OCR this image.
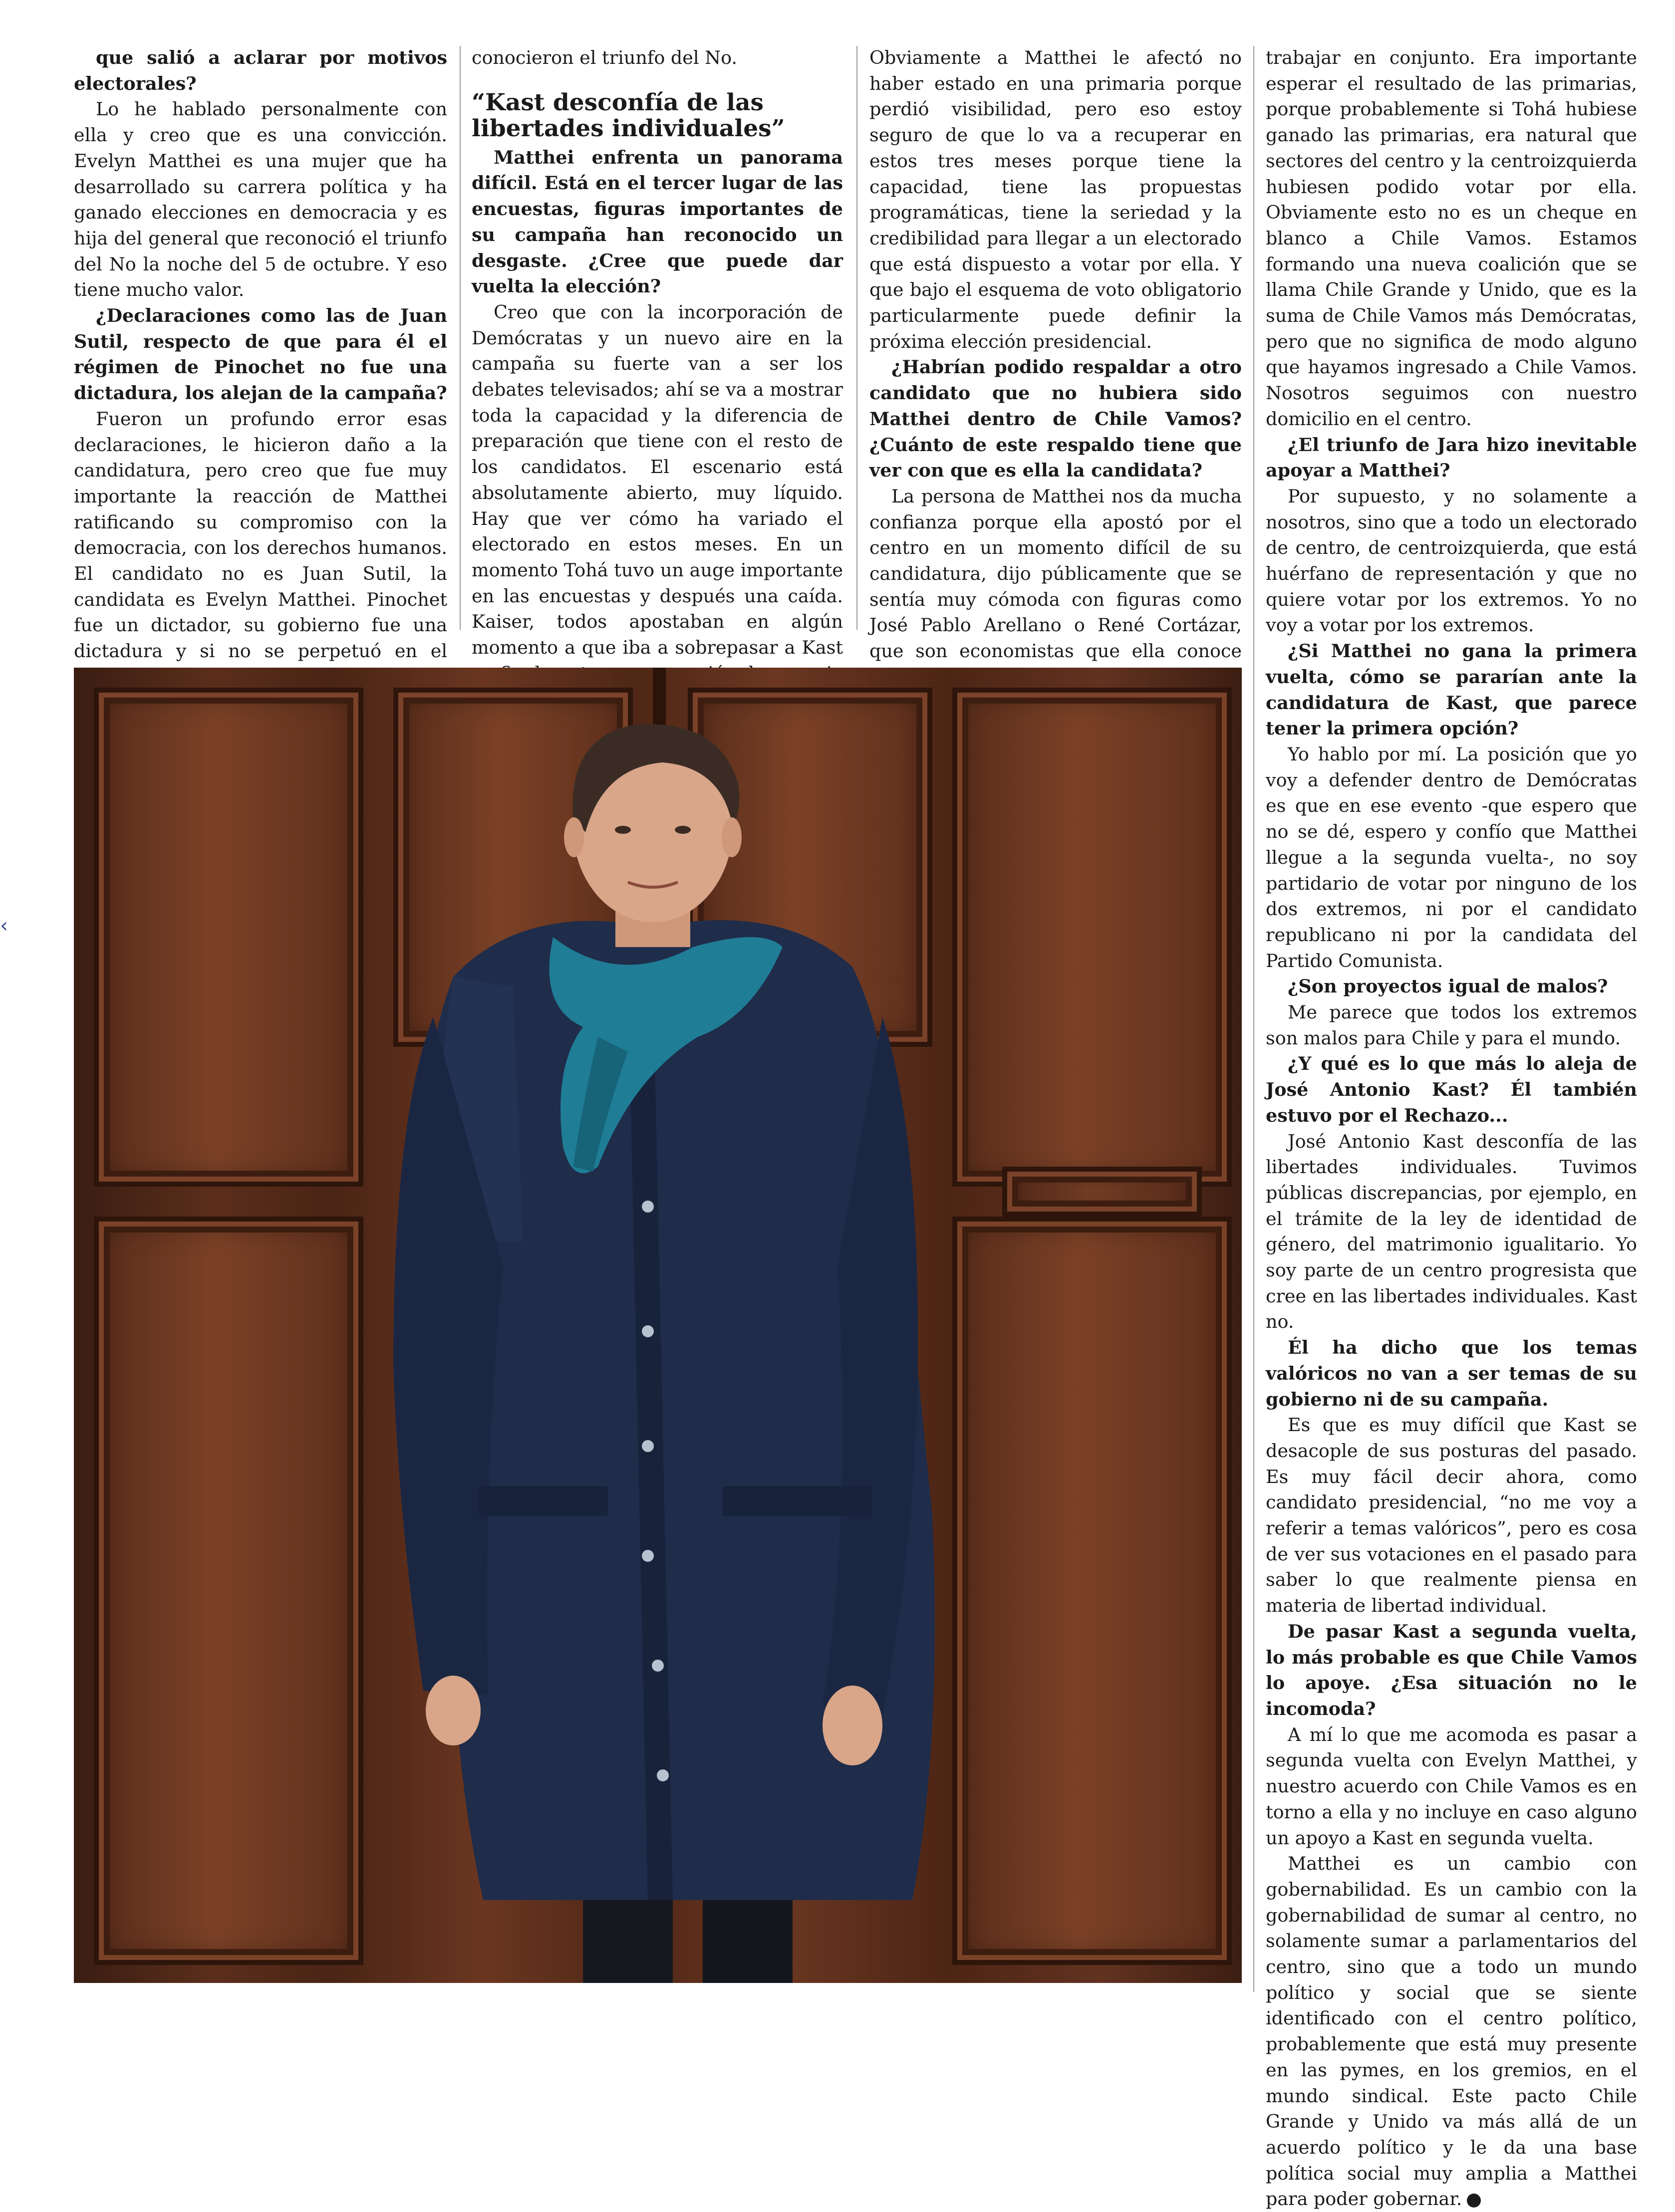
‹

que salió a aclarar por motivos electorales?

Lo he hablado personalmente con ella y creo que es una convicción. Evelyn Matthei es una mujer que ha desarrollado su carrera política y ha ganado elecciones en democracia y es hija del general que reconoció el triunfo del No la noche del 5 de octubre. Y eso tiene mucho valor.

¿Declaraciones como las de Juan Sutil, respecto de que para él el régimen de Pinochet no fue una dictadura, los alejan de la campaña?

Fueron un profundo error esas declaraciones, le hicieron daño a la candidatura, pero creo que fue muy importante la reacción de Matthei ratificando su compromiso con la democracia, con los derechos humanos. El candidato no es Juan Sutil, la candidata es Evelyn Matthei. Pinochet fue un dictador, su gobierno fue una dictadura y si no se perpetuó en el

conocieron el triunfo del No.

“Kast desconfía de las libertades individuales”

Matthei enfrenta un panorama difícil. Está en el tercer lugar de las encuestas, figuras importantes de su campaña han reconocido un desgaste. ¿Cree que puede dar vuelta la elección?

Creo que con la incorporación de Demócratas y un nuevo aire en la campaña su fuerte van a ser los debates televisados; ahí se va a mostrar toda la capacidad y la diferencia de preparación que tiene con el resto de los candidatos. El escenario está absolutamente abierto, muy líquido. Hay que ver cómo ha variado el electorado en estos meses. En un momento Tohá tuvo un auge importante en las encuestas y después una caída. Kaiser, todos apostaban en algún momento a que iba a sobrepasar a Kast

Obviamente a Matthei le afectó no haber estado en una primaria porque perdió visibilidad, pero eso estoy seguro de que lo va a recuperar en estos tres meses porque tiene la capacidad, tiene las propuestas programáticas, tiene la seriedad y la credibilidad para llegar a un electorado que está dispuesto a votar por ella. Y que bajo el esquema de voto obligatorio particularmente puede definir la próxima elección presidencial.

¿Habrían podido respaldar a otro candidato que no hubiera sido Matthei dentro de Chile Vamos? ¿Cuánto de este respaldo tiene que ver con que es ella la candidata?

La persona de Matthei nos da mucha confianza porque ella apostó por el centro en un momento difícil de su candidatura, dijo públicamente que se sentía muy cómoda con figuras como José Pablo Arellano o René Cortázar, que son economistas que ella conoce

trabajar en conjunto. Era importante esperar el resultado de las primarias, porque probablemente si Tohá hubiese ganado las primarias, era natural que sectores del centro y la centroizquierda hubiesen podido votar por ella. Obviamente esto no es un cheque en blanco a Chile Vamos. Estamos formando una nueva coalición que se llama Chile Grande y Unido, que es la suma de Chile Vamos más Demócratas, pero que no significa de modo alguno que hayamos ingresado a Chile Vamos. Nosotros seguimos con nuestro domicilio en el centro.

¿El triunfo de Jara hizo inevitable apoyar a Matthei?

Por supuesto, y no solamente a nosotros, sino que a todo un electorado de centro, de centroizquierda, que está huérfano de representación y que no quiere votar por los extremos. Yo no voy a votar por los extremos.

¿Si Matthei no gana la primera vuelta, cómo se pararían ante la candidatura de Kast, que parece tener la primera opción?

Yo hablo por mí. La posición que yo voy a defender dentro de Demócratas es que en ese evento -que espero que no se dé, espero y confío que Matthei llegue a la segunda vuelta-, no soy partidario de votar por ninguno de los dos extremos, ni por el candidato republicano ni por la candidata del Partido Comunista.

¿Son proyectos igual de malos?

Me parece que todos los extremos son malos para Chile y para el mundo.

¿Y qué es lo que más lo aleja de José Antonio Kast? Él también estuvo por el Rechazo...

José Antonio Kast desconfía de las libertades individuales. Tuvimos públicas discrepancias, por ejemplo, en el trámite de la ley de identidad de género, del matrimonio igualitario. Yo soy parte de un centro progresista que cree en las libertades individuales. Kast no.

Él ha dicho que los temas valóricos no van a ser temas de su gobierno ni de su campaña.

Es que es muy difícil que Kast se desacople de sus posturas del pasado. Es muy fácil decir ahora, como candidato presidencial, “no me voy a referir a temas valóricos”, pero es cosa de ver sus votaciones en el pasado para saber lo que realmente piensa en materia de libertad individual.

De pasar Kast a segunda vuelta, lo más probable es que Chile Vamos lo apoye. ¿Esa situación no le incomoda?

A mí lo que me acomoda es pasar a segunda vuelta con Evelyn Matthei, y nuestro acuerdo con Chile Vamos es en torno a ella y no incluye en caso alguno un apoyo a Kast en segunda vuelta.

Matthei es un cambio con gobernabilidad. Es un cambio con la gobernabilidad de sumar al centro, no solamente sumar a parlamentarios del centro, sino que a todo un mundo político y social que se siente identificado con el centro político, probablemente que está muy presente en las pymes, en los gremios, en el mundo sindical. Este pacto Chile Grande y Unido va más allá de un acuerdo político y le da una base política social muy amplia a Matthei para poder gobernar.	⊙
